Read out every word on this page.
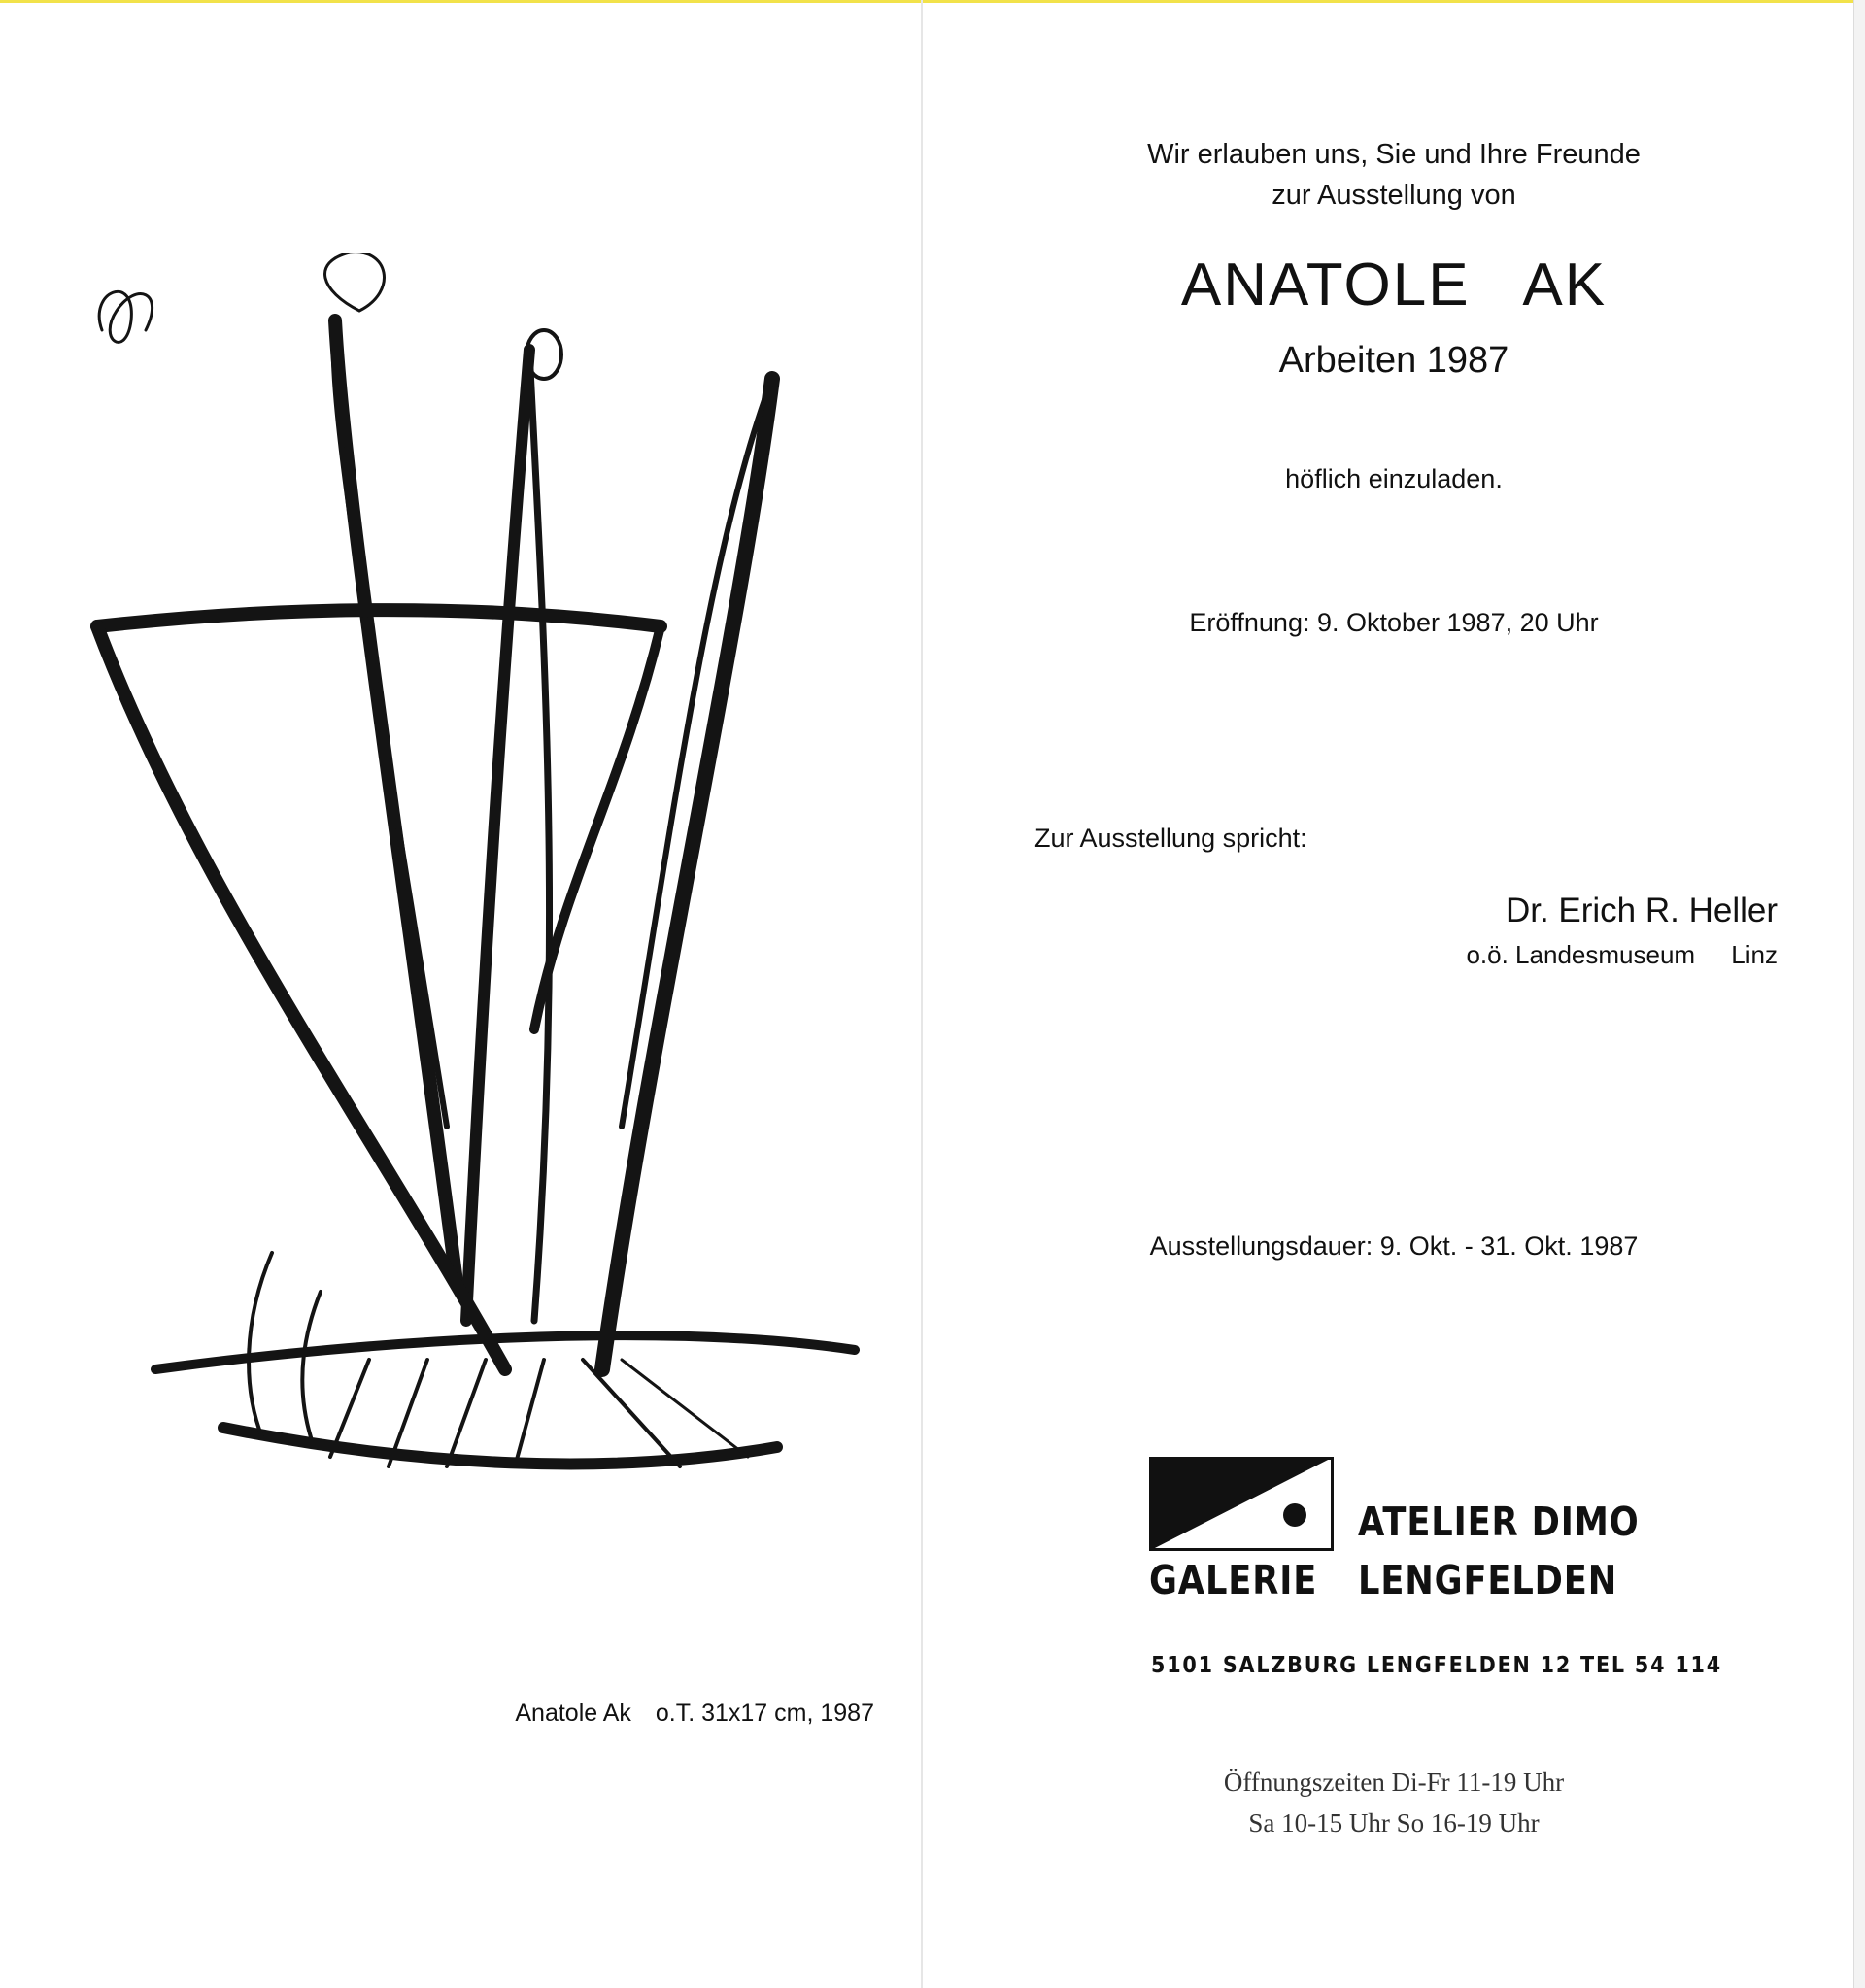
Anatole Ak o.T. 31x17 cm, 1987
Wir erlauben uns, Sie und Ihre Freunde
zur Ausstellung von
ANATOLE AK
Arbeiten 1987
höflich einzuladen.
Eröffnung: 9. Oktober 1987, 20 Uhr
Zur Ausstellung spricht:
Dr. Erich R. Heller
o.ö. Landesmuseum Linz
Ausstellungsdauer: 9. Okt. - 31. Okt. 1987
ATELIER DIMO
GALERIE LENGFELDEN
5101 SALZBURG LENGFELDEN 12 TEL 54 114
Öffnungszeiten Di-Fr 11-19 Uhr
Sa 10-15 Uhr So 16-19 Uhr
